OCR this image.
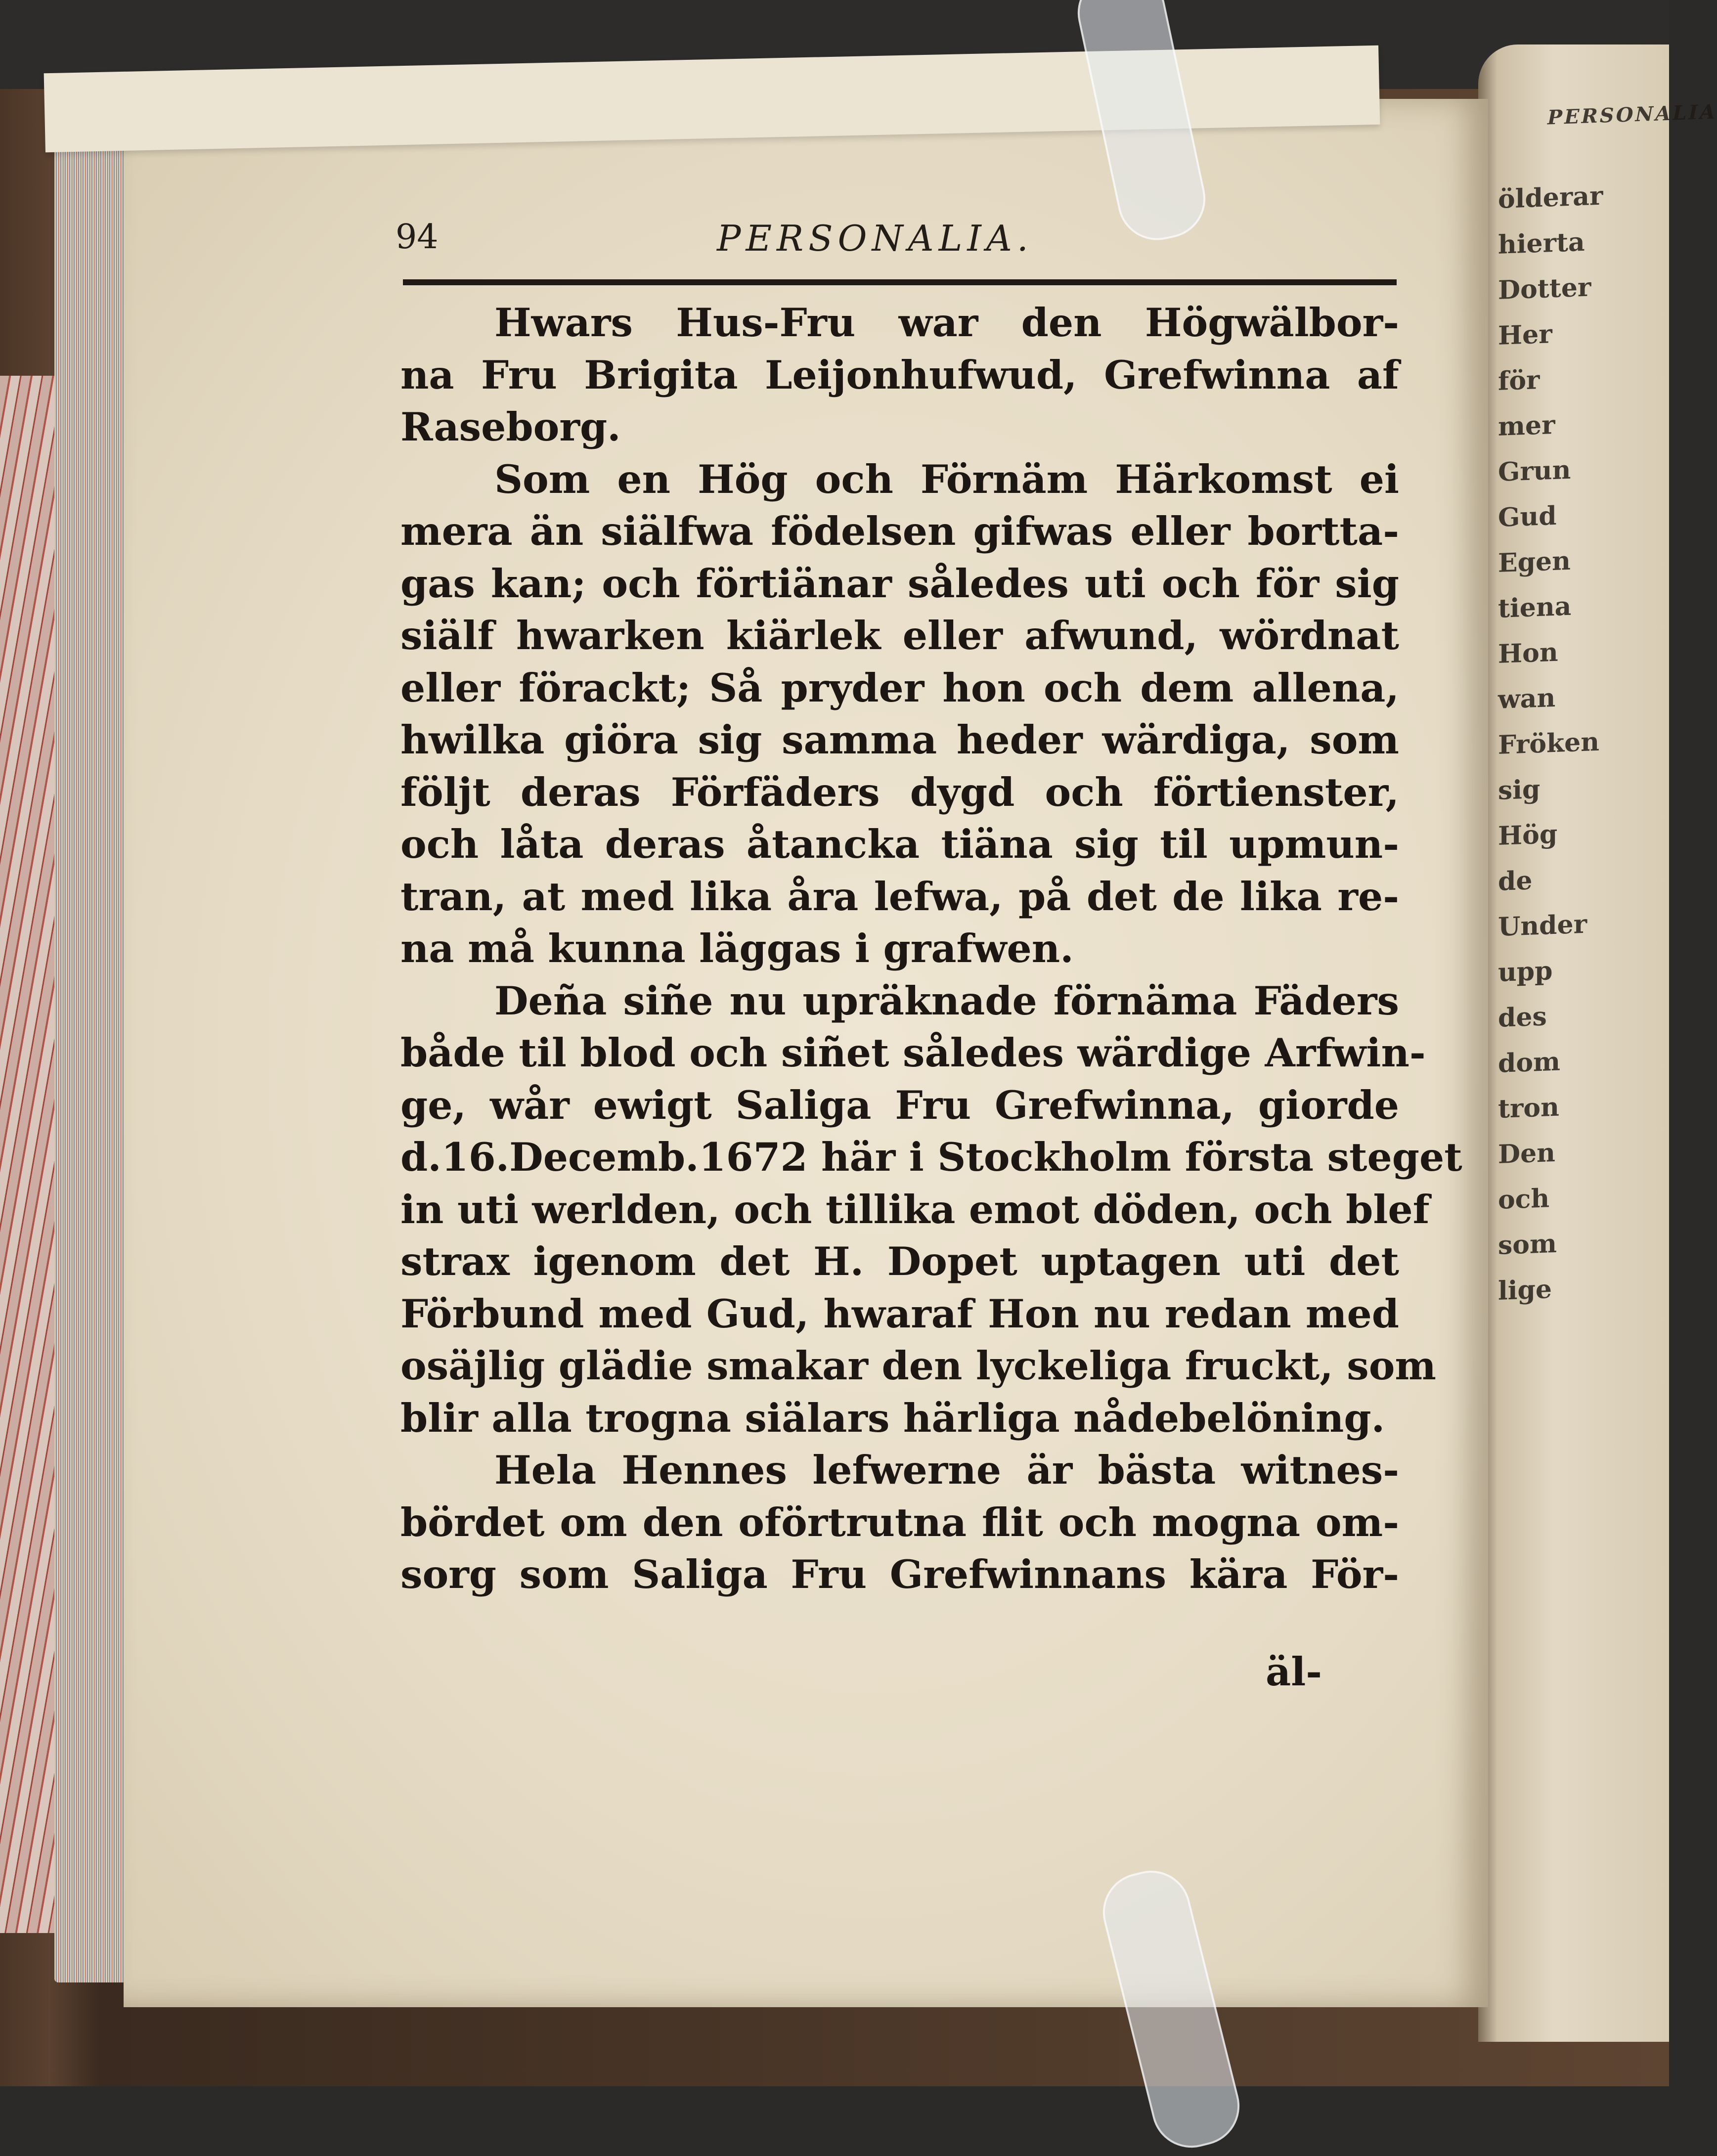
PERSONALIA
ölderar
hierta
Dotter
Her
för
mer
Grun
Gud
Egen
tiena
Hon
wan
Fröken
sig
Hög
de
Under
upp
des
dom
tron
Den
och
som
lige
94	PERSONALIA.
Hwars Hus-Fru war den Högwälbor-
na Fru Brigita Leijonhufwud, Grefwinna af
Raseborg.
Som en Hög och Förnäm Härkomst ei
mera än siälfwa födelsen gifwas eller bortta-
gas kan; och förtiänar således uti och för sig
siälf hwarken kiärlek eller afwund, wördnat
eller förackt; Så pryder hon och dem allena,
hwilka giöra sig samma heder wärdiga, som
följt deras Förfäders dygd och förtienster,
och låta deras åtancka tiäna sig til upmun-
tran, at med lika åra lefwa, på det de lika re-
na må kunna läggas i grafwen.
Deña siñe nu upräknade förnäma Fäders
både til blod och siñet således wärdige Arfwin-
ge, wår ewigt Saliga Fru Grefwinna, giorde
d.16.Decemb.1672 här i Stockholm första steget
in uti werlden, och tillika emot döden, och blef
strax igenom det H. Dopet uptagen uti det
Förbund med Gud, hwaraf Hon nu redan med
osäjlig glädie smakar den lyckeliga fruckt, som
blir alla trogna siälars härliga nådebelöning.
Hela Hennes lefwerne är bästa witnes-
bördet om den oförtrutna flit och mogna om-
sorg som Saliga Fru Grefwinnans kära För-
äl-
